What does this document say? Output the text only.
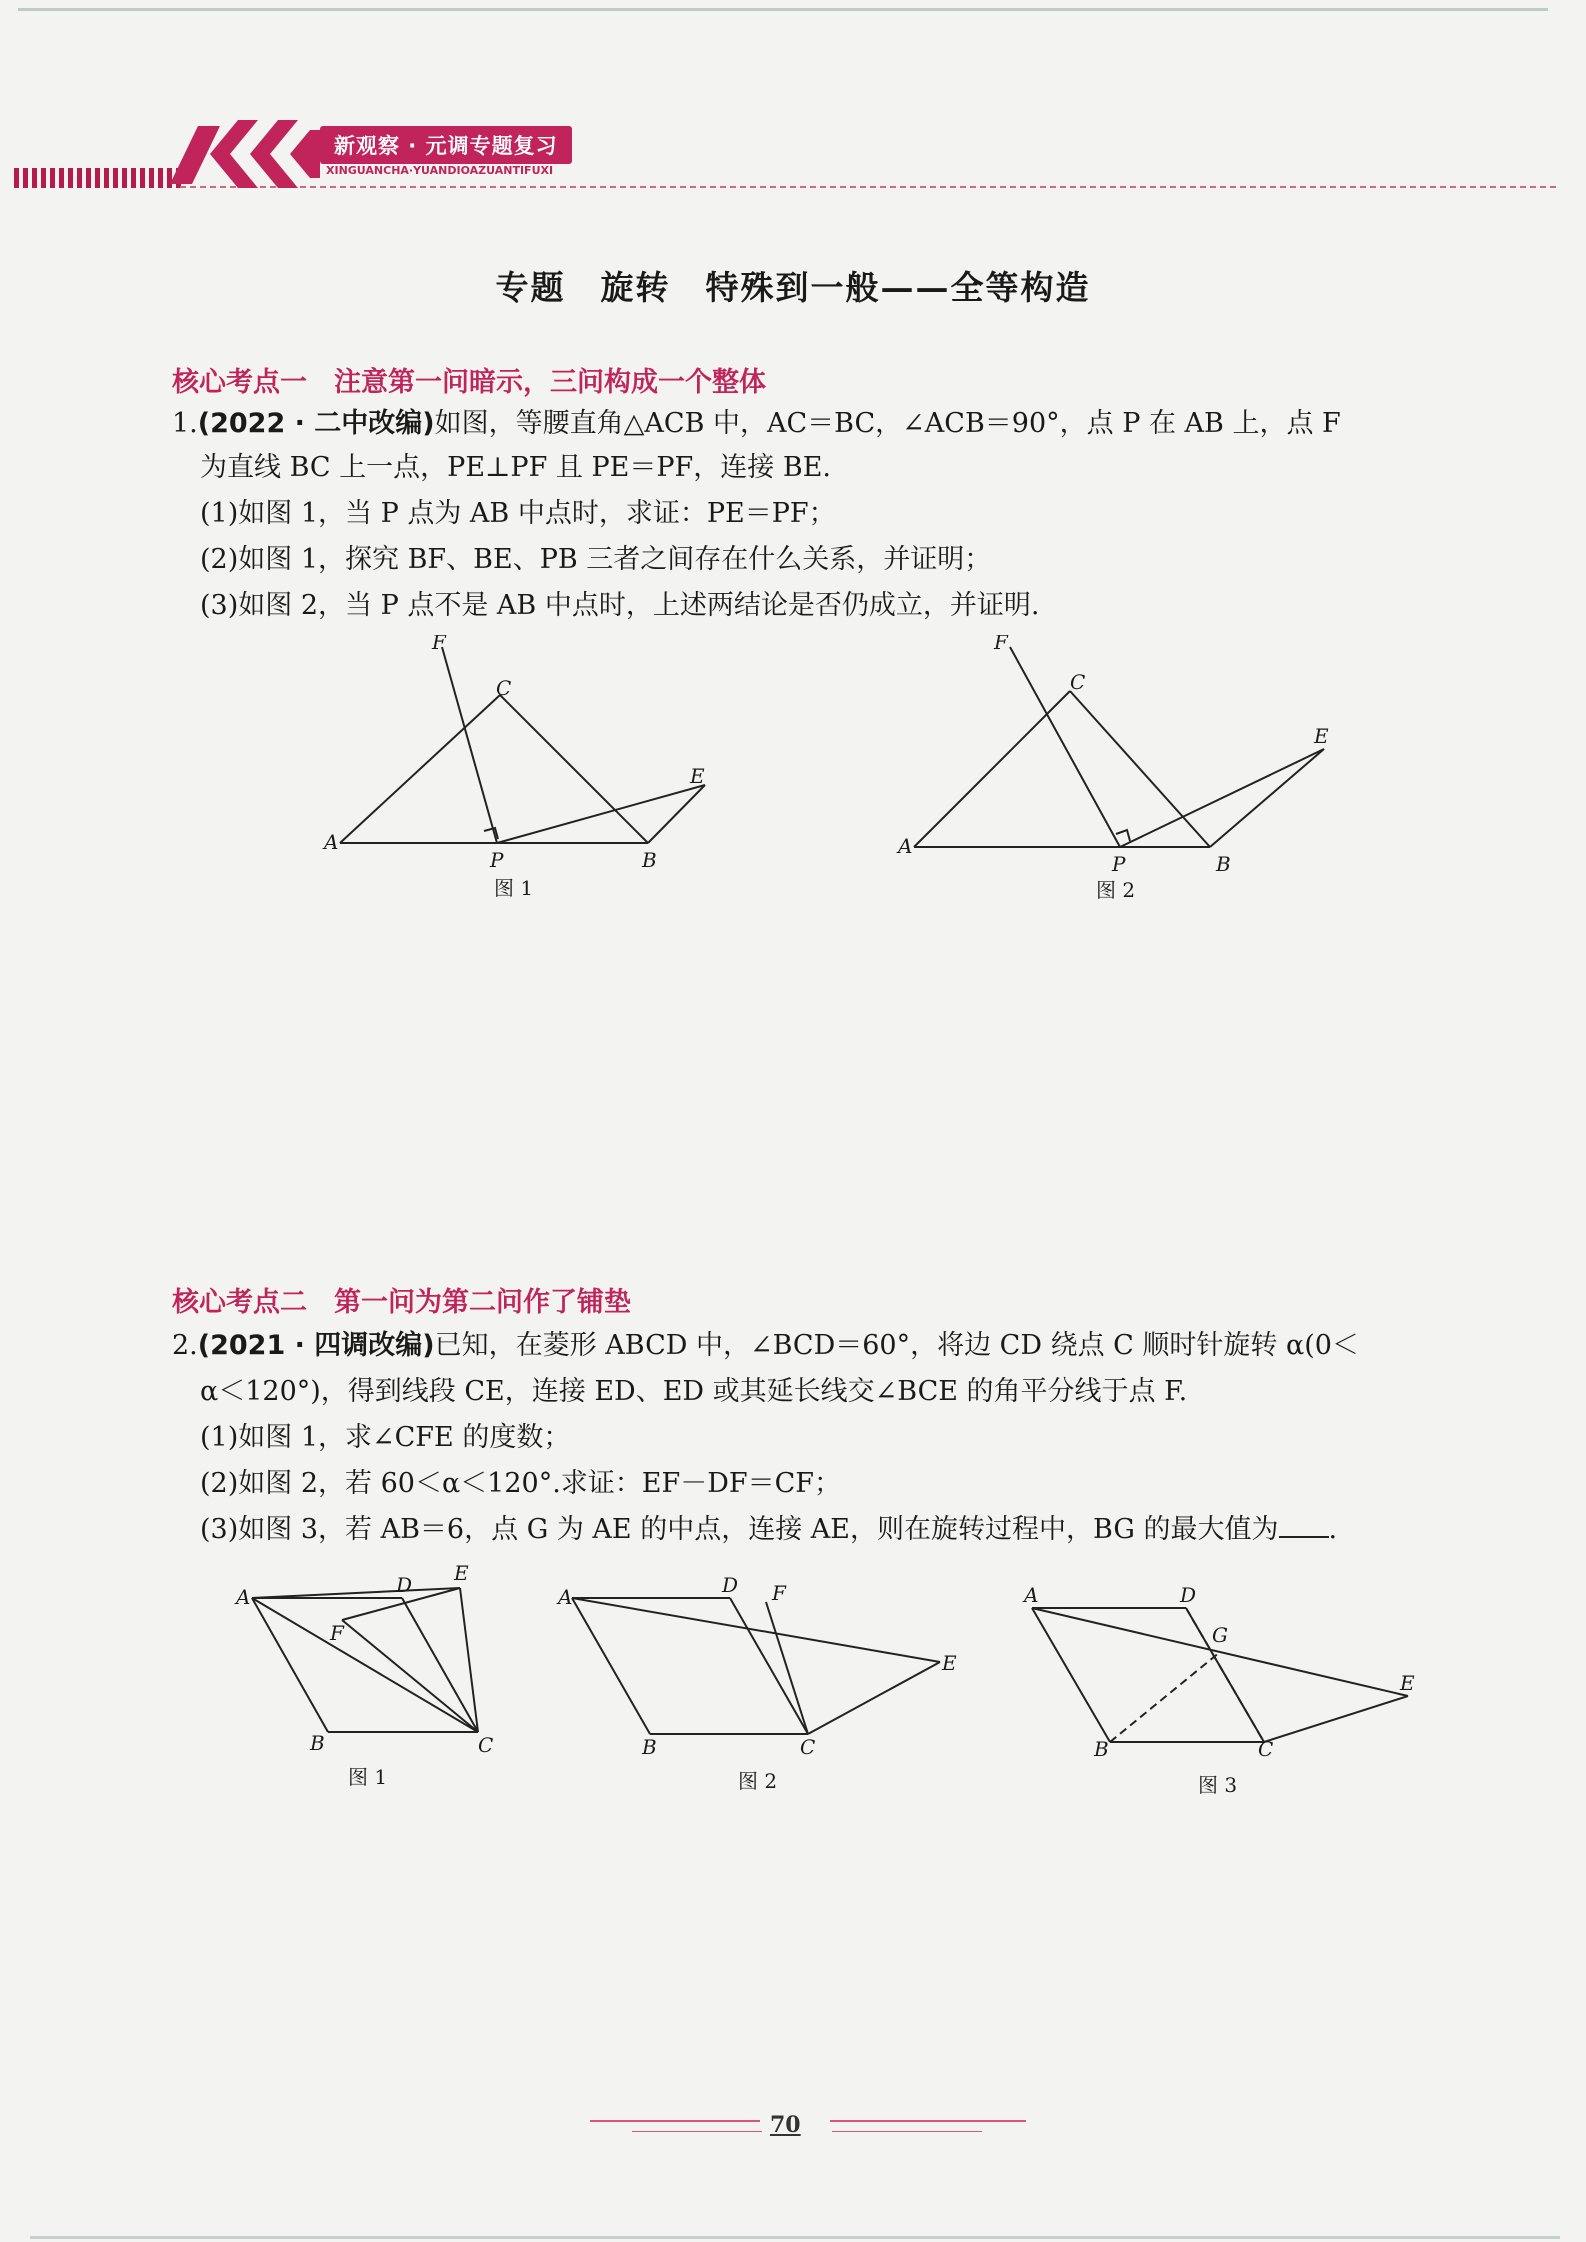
新观察 · 元调专题复习
XINGUANCHA·YUANDIOAZUANTIFUXI
专题　旋转　特殊到一般——全等构造
核心考点一　注意第一问暗示，三问构成一个整体
1.(2022 · 二中改编)如图，等腰直角△ACB 中，AC＝BC，∠ACB＝90°，点 P 在 AB 上，点 F
为直线 BC 上一点，PE⊥PF 且 PE＝PF，连接 BE.
(1)如图 1，当 P 点为 AB 中点时，求证：PE＝PF；
(2)如图 1，探究 BF、BE、PB 三者之间存在什么关系，并证明；
(3)如图 2，当 P 点不是 AB 中点时，上述两结论是否仍成立，并证明.
A
P	B
F
C
E
图 1
A
P	B
F
C
E
图 2
核心考点二　第一问为第二问作了铺垫
2.(2021 · 四调改编)已知，在菱形 ABCD 中，∠BCD＝60°，将边 CD 绕点 C 顺时针旋转 α(0＜
α＜120°)，得到线段 CE，连接 ED、ED 或其延长线交∠BCE 的角平分线于点 F.
(1)如图 1，求∠CFE 的度数；
(2)如图 2，若 60＜α＜120°.求证：EF－DF＝CF；
(3)如图 3，若 AB＝6，点 G 为 AE 的中点，连接 AE，则在旋转过程中，BG 的最大值为 .
A	D E
F
B	C
图 1
A	D F
E
B	C
图 2
A	D
G
E
B	C
图 3
70
